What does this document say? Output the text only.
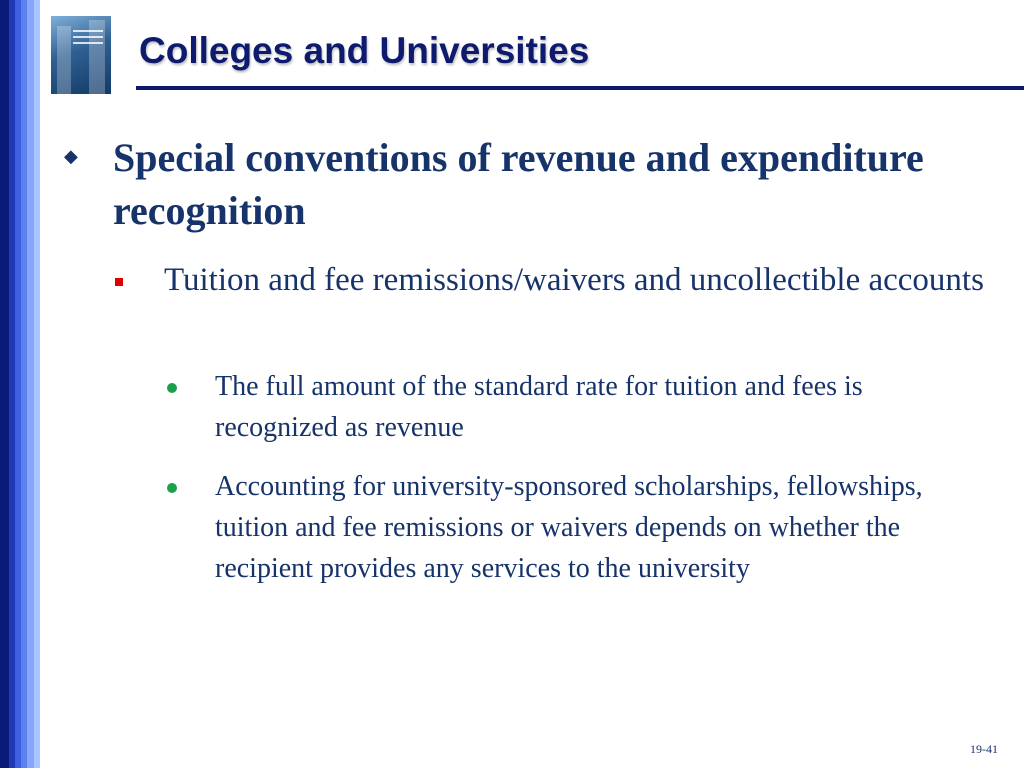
Colleges and Universities
◆ Special conventions of revenue and expenditure recognition
Tuition and fee remissions/waivers and uncollectible accounts
The full amount of the standard rate for tuition and fees is recognized as revenue
Accounting for university-sponsored scholarships, fellowships, tuition and fee remissions or waivers depends on whether the recipient provides any services to the university
19-41
